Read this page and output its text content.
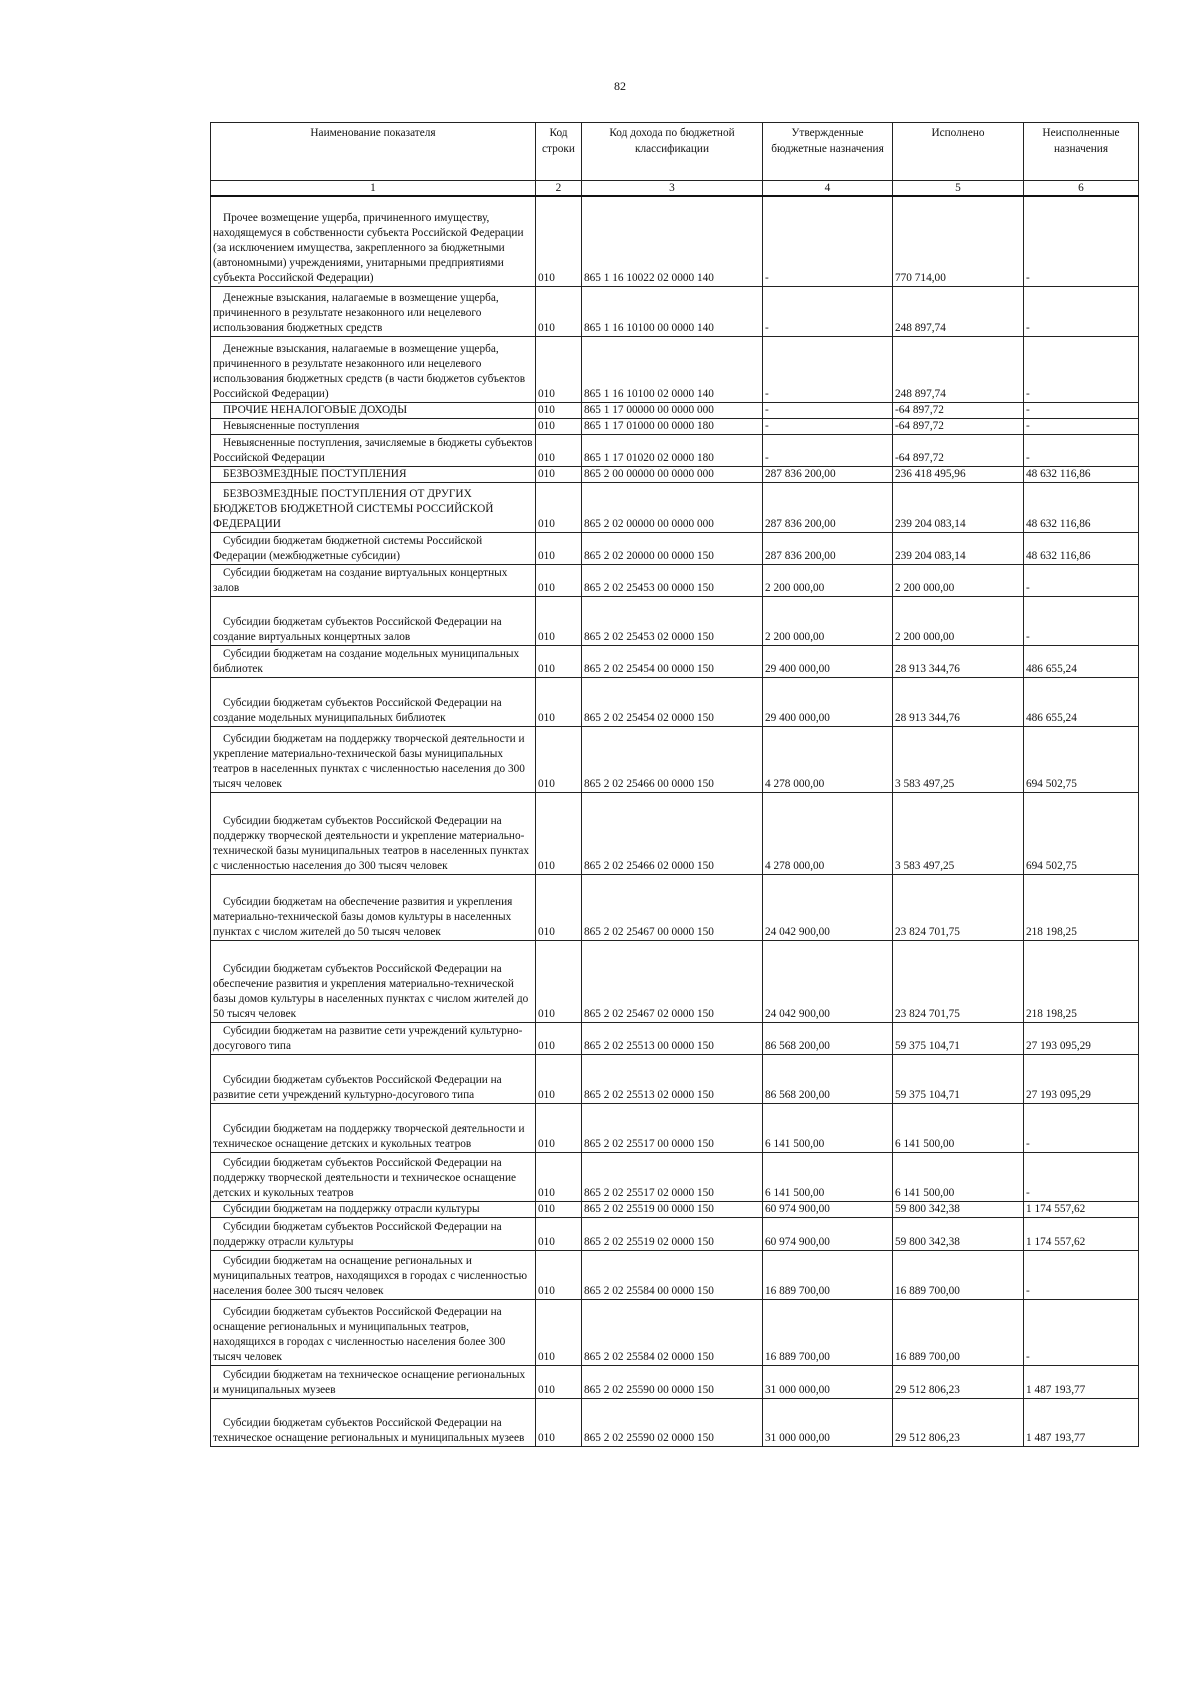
82
Наименование показателя	Код строки	Код дохода по бюджетной классификации	Утвержденные бюджетные назначения	Исполнено	Неисполненные назначения
1	2	3	4	5	6
Прочее возмещение ущерба, причиненного имуществу, находящемуся в собственности субъекта Российской Федерации (за исключением имущества, закрепленного за бюджетными (автономными) учреждениями, унитарными предприятиями субъекта Российской Федерации)	010	865 1 16 10022 02 0000 140	-	770 714,00	-
Денежные взыскания, налагаемые в возмещение ущерба, причиненного в результате незаконного или нецелевого использования бюджетных средств	010	865 1 16 10100 00 0000 140	-	248 897,74	-
Денежные взыскания, налагаемые в возмещение ущерба, причиненного в результате незаконного или нецелевого использования бюджетных средств (в части бюджетов субъектов Российской Федерации)	010	865 1 16 10100 02 0000 140	-	248 897,74	-
ПРОЧИЕ НЕНАЛОГОВЫЕ ДОХОДЫ	010	865 1 17 00000 00 0000 000	-	-64 897,72	-
Невыясненные поступления	010	865 1 17 01000 00 0000 180	-	-64 897,72	-
Невыясненные поступления, зачисляемые в бюджеты субъектов Российской Федерации	010	865 1 17 01020 02 0000 180	-	-64 897,72	-
БЕЗВОЗМЕЗДНЫЕ ПОСТУПЛЕНИЯ	010	865 2 00 00000 00 0000 000	287 836 200,00	236 418 495,96	48 632 116,86
БЕЗВОЗМЕЗДНЫЕ ПОСТУПЛЕНИЯ ОТ ДРУГИХ БЮДЖЕТОВ БЮДЖЕТНОЙ СИСТЕМЫ РОССИЙСКОЙ ФЕДЕРАЦИИ	010	865 2 02 00000 00 0000 000	287 836 200,00	239 204 083,14	48 632 116,86
Субсидии бюджетам бюджетной системы Российской Федерации (межбюджетные субсидии)	010	865 2 02 20000 00 0000 150	287 836 200,00	239 204 083,14	48 632 116,86
Субсидии бюджетам на создание виртуальных концертных залов	010	865 2 02 25453 00 0000 150	2 200 000,00	2 200 000,00	-
Субсидии бюджетам субъектов Российской Федерации на создание виртуальных концертных залов	010	865 2 02 25453 02 0000 150	2 200 000,00	2 200 000,00	-
Субсидии бюджетам на создание модельных муниципальных библиотек	010	865 2 02 25454 00 0000 150	29 400 000,00	28 913 344,76	486 655,24
Субсидии бюджетам субъектов Российской Федерации на создание модельных муниципальных библиотек	010	865 2 02 25454 02 0000 150	29 400 000,00	28 913 344,76	486 655,24
Субсидии бюджетам на поддержку творческой деятельности и укрепление материально-технической базы муниципальных театров в населенных пунктах с численностью населения до 300 тысяч человек	010	865 2 02 25466 00 0000 150	4 278 000,00	3 583 497,25	694 502,75
Субсидии бюджетам субъектов Российской Федерации на поддержку творческой деятельности и укрепление материально-технической базы муниципальных театров в населенных пунктах с численностью населения до 300 тысяч человек	010	865 2 02 25466 02 0000 150	4 278 000,00	3 583 497,25	694 502,75
Субсидии бюджетам на обеспечение развития и укрепления материально-технической базы домов культуры в населенных пунктах с числом жителей до 50 тысяч человек	010	865 2 02 25467 00 0000 150	24 042 900,00	23 824 701,75	218 198,25
Субсидии бюджетам субъектов Российской Федерации на обеспечение развития и укрепления материально-технической базы домов культуры в населенных пунктах с числом жителей до 50 тысяч человек	010	865 2 02 25467 02 0000 150	24 042 900,00	23 824 701,75	218 198,25
Субсидии бюджетам на развитие сети учреждений культурно-досугового типа	010	865 2 02 25513 00 0000 150	86 568 200,00	59 375 104,71	27 193 095,29
Субсидии бюджетам субъектов Российской Федерации на развитие сети учреждений культурно-досугового типа	010	865 2 02 25513 02 0000 150	86 568 200,00	59 375 104,71	27 193 095,29
Субсидии бюджетам на поддержку творческой деятельности и техническое оснащение детских и кукольных театров	010	865 2 02 25517 00 0000 150	6 141 500,00	6 141 500,00	-
Субсидии бюджетам субъектов Российской Федерации на поддержку творческой деятельности и техническое оснащение детских и кукольных театров	010	865 2 02 25517 02 0000 150	6 141 500,00	6 141 500,00	-
Субсидии бюджетам на поддержку отрасли культуры	010	865 2 02 25519 00 0000 150	60 974 900,00	59 800 342,38	1 174 557,62
Субсидии бюджетам субъектов Российской Федерации на поддержку отрасли культуры	010	865 2 02 25519 02 0000 150	60 974 900,00	59 800 342,38	1 174 557,62
Субсидии бюджетам на оснащение региональных и муниципальных театров, находящихся в городах с численностью населения более 300 тысяч человек	010	865 2 02 25584 00 0000 150	16 889 700,00	16 889 700,00	-
Субсидии бюджетам субъектов Российской Федерации на оснащение региональных и муниципальных театров, находящихся в городах с численностью населения более 300 тысяч человек	010	865 2 02 25584 02 0000 150	16 889 700,00	16 889 700,00	-
Субсидии бюджетам на техническое оснащение региональных и муниципальных музеев	010	865 2 02 25590 00 0000 150	31 000 000,00	29 512 806,23	1 487 193,77
Субсидии бюджетам субъектов Российской Федерации на техническое оснащение региональных и муниципальных музеев	010	865 2 02 25590 02 0000 150	31 000 000,00	29 512 806,23	1 487 193,77
